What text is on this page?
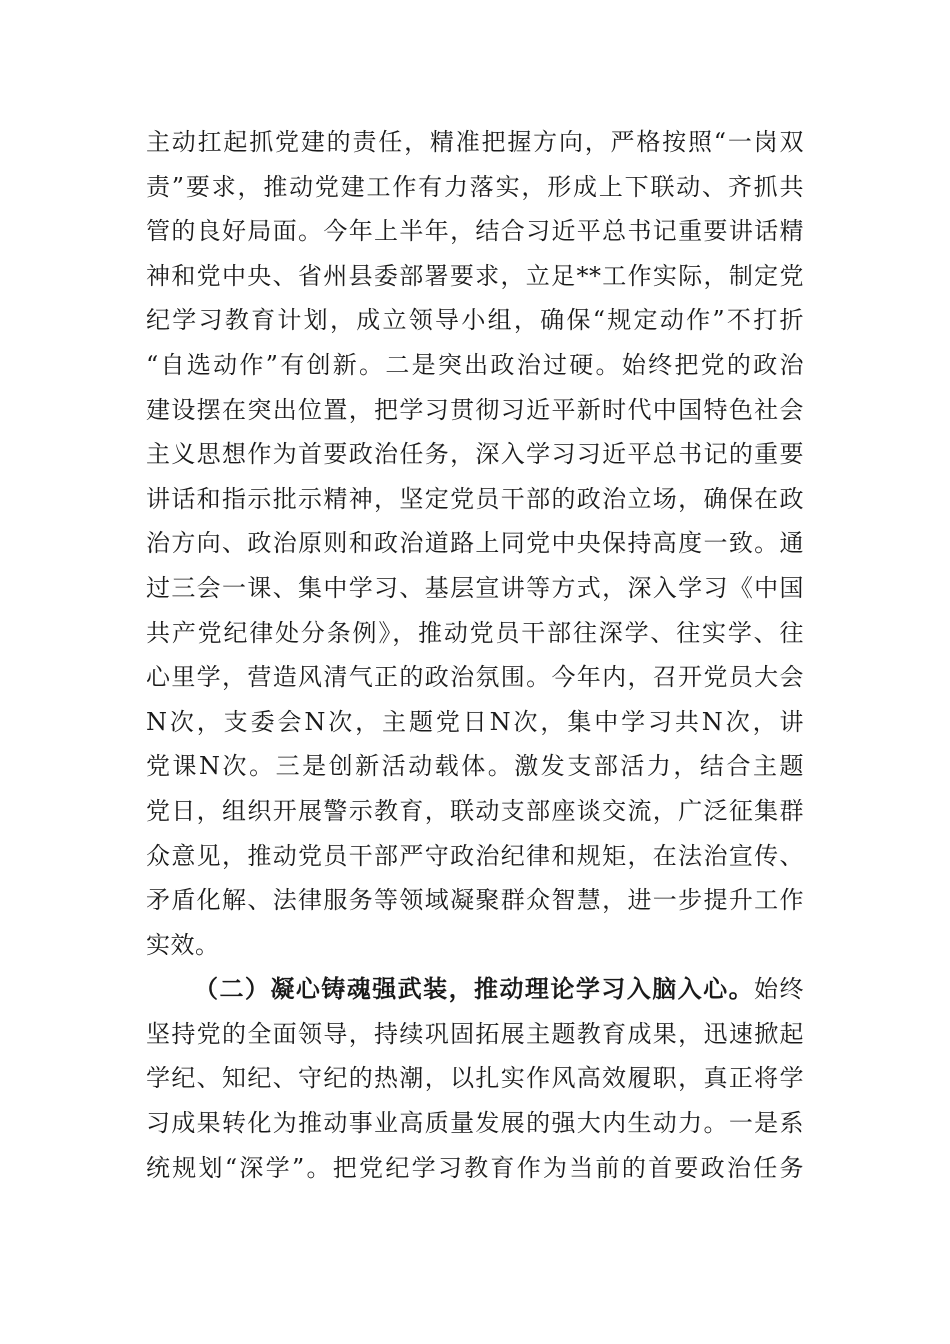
主动扛起抓党建的责任，精准把握方向，严格按照“一岗双
责”要求，推动党建工作有力落实，形成上下联动、齐抓共
管的良好局面。今年上半年，结合习近平总书记重要讲话精
神和党中央、省州县委部署要求，立足**工作实际，制定党
纪学习教育计划，成立领导小组，确保“规定动作”不打折
“自选动作”有创新。二是突出政治过硬。始终把党的政治
建设摆在突出位置，把学习贯彻习近平新时代中国特色社会
主义思想作为首要政治任务，深入学习习近平总书记的重要
讲话和指示批示精神，坚定党员干部的政治立场，确保在政
治方向、政治原则和政治道路上同党中央保持高度一致。通
过三会一课、集中学习、基层宣讲等方式，深入学习《中国
共产党纪律处分条例》，推动党员干部往深学、往实学、往
心里学，营造风清气正的政治氛围。今年内，召开党员大会
N次，支委会N次，主题党日N次，集中学习共N次，讲
党课N次。三是创新活动载体。激发支部活力，结合主题
党日，组织开展警示教育，联动支部座谈交流，广泛征集群
众意见，推动党员干部严守政治纪律和规矩，在法治宣传、
矛盾化解、法律服务等领域凝聚群众智慧，进一步提升工作
实效。
（二）凝心铸魂强武装，推动理论学习入脑入心。始终
坚持党的全面领导，持续巩固拓展主题教育成果，迅速掀起
学纪、知纪、守纪的热潮，以扎实作风高效履职，真正将学
习成果转化为推动事业高质量发展的强大内生动力。一是系
统规划“深学”。把党纪学习教育作为当前的首要政治任务
